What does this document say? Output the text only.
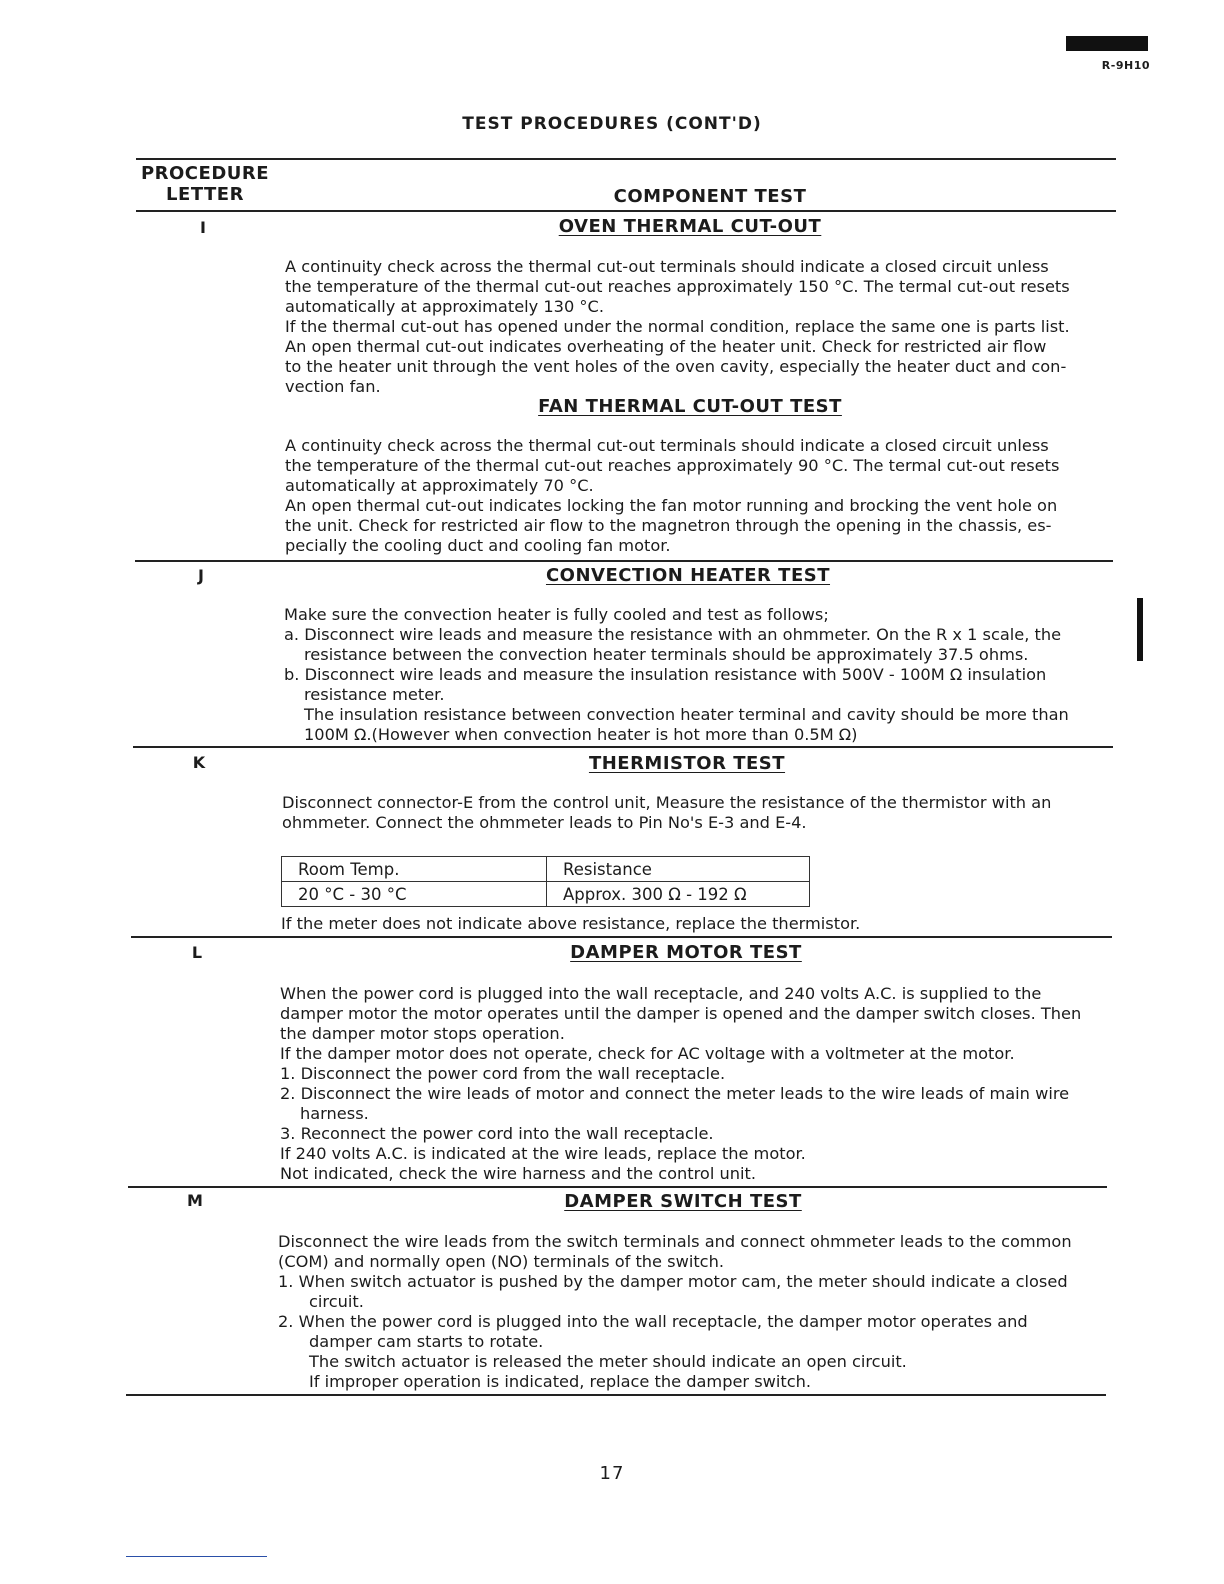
R-9H10
TEST PROCEDURES (CONT'D)
PROCEDURE
LETTER	COMPONENT TEST
I	OVEN THERMAL CUT-OUT
A continuity check across the thermal cut-out terminals should indicate a closed circuit unless
the temperature of the thermal cut-out reaches approximately 150 °C. The termal cut-out resets
automatically at approximately 130 °C.
If the thermal cut-out has opened under the normal condition, replace the same one is parts list.
An open thermal cut-out indicates overheating of the heater unit. Check for restricted air flow
to the heater unit through the vent holes of the oven cavity, especially the heater duct and con-
vection fan.
FAN THERMAL CUT-OUT TEST
A continuity check across the thermal cut-out terminals should indicate a closed circuit unless
the temperature of the thermal cut-out reaches approximately 90 °C. The termal cut-out resets
automatically at approximately 70 °C.
An open thermal cut-out indicates locking the fan motor running and brocking the vent hole on
the unit. Check for restricted air flow to the magnetron through the opening in the chassis, es-
pecially the cooling duct and cooling fan motor.
J	CONVECTION HEATER TEST
Make sure the convection heater is fully cooled and test as follows;
a. Disconnect wire leads and measure the resistance with an ohmmeter. On the R x 1 scale, the
resistance between the convection heater terminals should be approximately 37.5 ohms.
b. Disconnect wire leads and measure the insulation resistance with 500V - 100M Ω insulation
resistance meter.
The insulation resistance between convection heater terminal and cavity should be more than
100M Ω.(However when convection heater is hot more than 0.5M Ω)
K	THERMISTOR TEST
Disconnect connector-E from the control unit, Measure the resistance of the thermistor with an
ohmmeter. Connect the ohmmeter leads to Pin No's E-3 and E-4.
Room Temp.	Resistance
20 °C - 30 °C	Approx. 300 Ω - 192 Ω
If the meter does not indicate above resistance, replace the thermistor.
L	DAMPER MOTOR TEST
When the power cord is plugged into the wall receptacle, and 240 volts A.C. is supplied to the
damper motor the motor operates until the damper is opened and the damper switch closes. Then
the damper motor stops operation.
If the damper motor does not operate, check for AC voltage with a voltmeter at the motor.
1. Disconnect the power cord from the wall receptacle.
2. Disconnect the wire leads of motor and connect the meter leads to the wire leads of main wire
harness.
3. Reconnect the power cord into the wall receptacle.
If 240 volts A.C. is indicated at the wire leads, replace the motor.
Not indicated, check the wire harness and the control unit.
M	DAMPER SWITCH TEST
Disconnect the wire leads from the switch terminals and connect ohmmeter leads to the common
(COM) and normally open (NO) terminals of the switch.
1. When switch actuator is pushed by the damper motor cam, the meter should indicate a closed
circuit.
2. When the power cord is plugged into the wall receptacle, the damper motor operates and
damper cam starts to rotate.
The switch actuator is released the meter should indicate an open circuit.
If improper operation is indicated, replace the damper switch.
17
